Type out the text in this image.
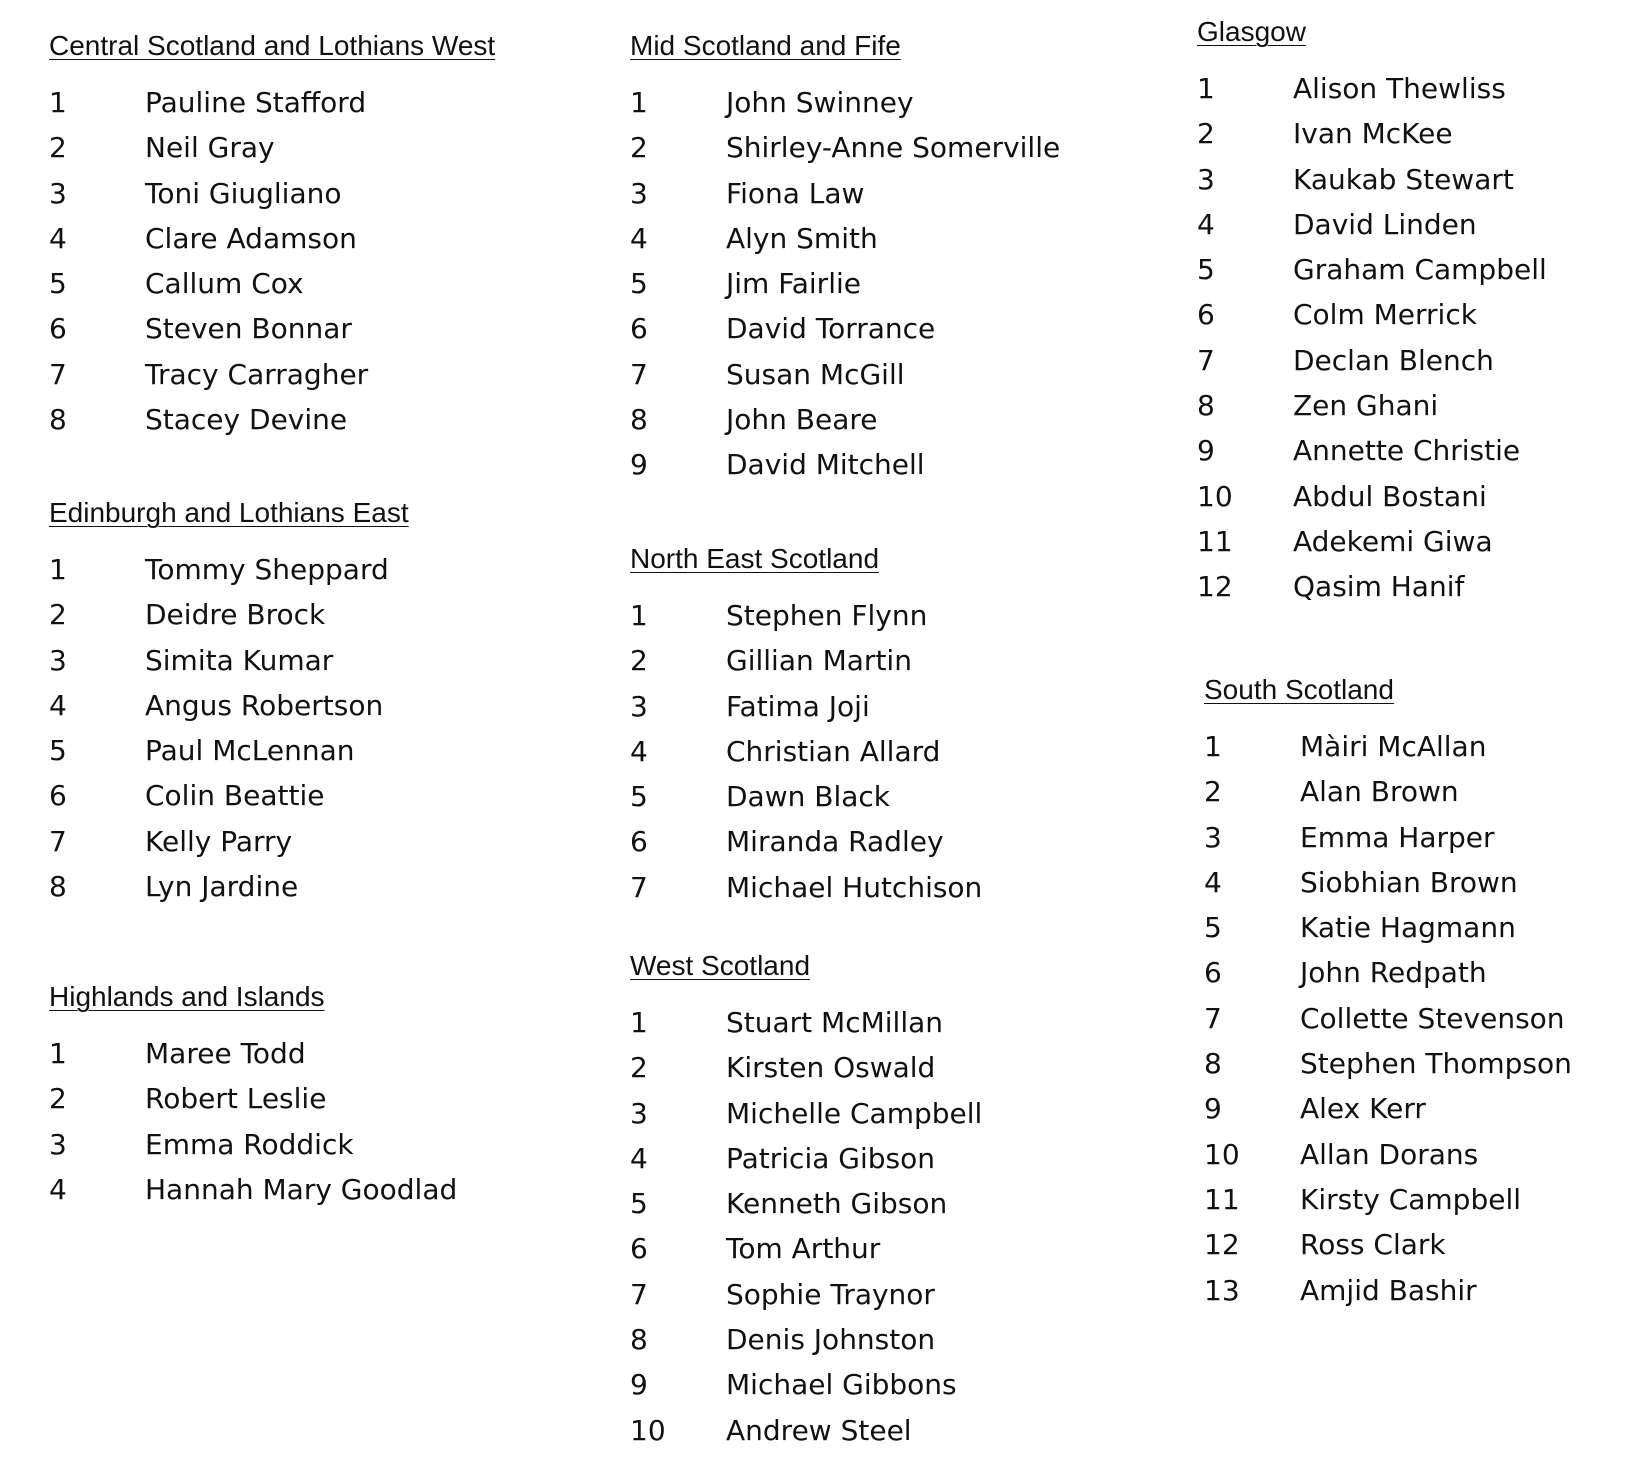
Central Scotland and Lothians West
1	Pauline Stafford
2	Neil Gray
3	Toni Giugliano
4	Clare Adamson
5	Callum Cox
6	Steven Bonnar
7	Tracy Carragher
8	Stacey Devine
Edinburgh and Lothians East
1	Tommy Sheppard
2	Deidre Brock
3	Simita Kumar
4	Angus Robertson
5	Paul McLennan
6	Colin Beattie
7	Kelly Parry
8	Lyn Jardine
Highlands and Islands
1	Maree Todd
2	Robert Leslie
3	Emma Roddick
4	Hannah Mary Goodlad
Mid Scotland and Fife
1	John Swinney
2	Shirley-Anne Somerville
3	Fiona Law
4	Alyn Smith
5	Jim Fairlie
6	David Torrance
7	Susan McGill
8	John Beare
9	David Mitchell
North East Scotland
1	Stephen Flynn
2	Gillian Martin
3	Fatima Joji
4	Christian Allard
5	Dawn Black
6	Miranda Radley
7	Michael Hutchison
West Scotland
1	Stuart McMillan
2	Kirsten Oswald
3	Michelle Campbell
4	Patricia Gibson
5	Kenneth Gibson
6	Tom Arthur
7	Sophie Traynor
8	Denis Johnston
9	Michael Gibbons
10	Andrew Steel
Glasgow
1	Alison Thewliss
2	Ivan McKee
3	Kaukab Stewart
4	David Linden
5	Graham Campbell
6	Colm Merrick
7	Declan Blench
8	Zen Ghani
9	Annette Christie
10	Abdul Bostani
11	Adekemi Giwa
12	Qasim Hanif
South Scotland
1	Màiri McAllan
2	Alan Brown
3	Emma Harper
4	Siobhian Brown
5	Katie Hagmann
6	John Redpath
7	Collette Stevenson
8	Stephen Thompson
9	Alex Kerr
10	Allan Dorans
11	Kirsty Campbell
12	Ross Clark
13	Amjid Bashir
